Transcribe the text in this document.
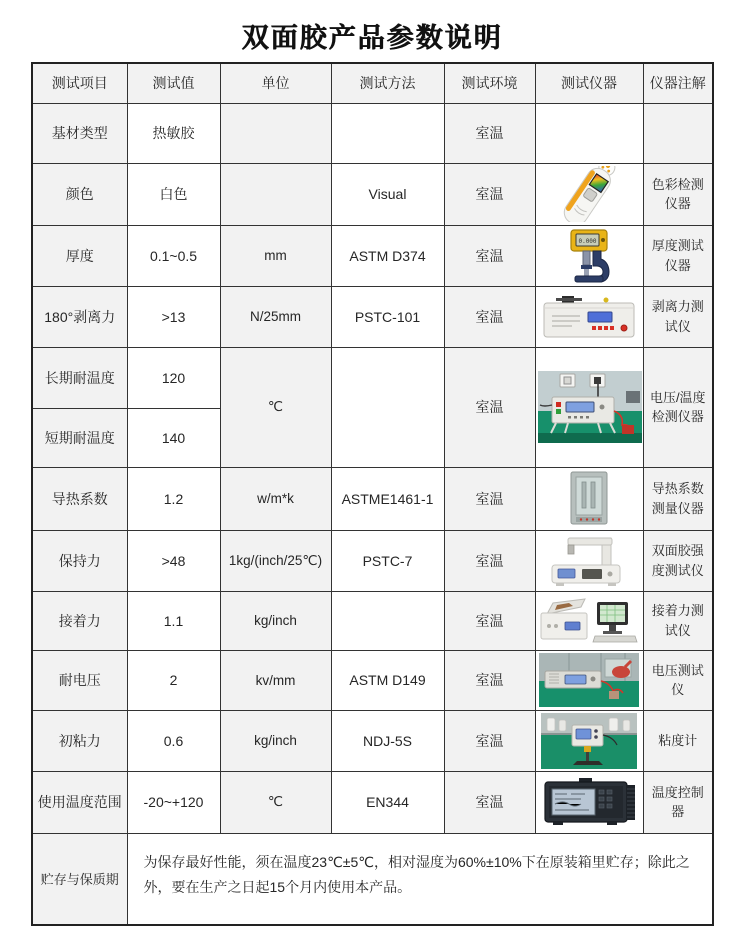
双面胶产品参数说明
测试项目	测试值	单位	测试方法	测试环境	测试仪器	仪器注解
基材类型	热敏胶			室温		
颜色	白色		Visual	室温		色彩检测仪器
厚度	0.1~0.5	mm	ASTM D374	室温	0.000	厚度测试仪器
180°剥离力	>13	N/25mm	PSTC-101	室温		剥离力测试仪
长期耐温度	120	℃		室温		电压/温度检测仪器
短期耐温度	140					
导热系数	1.2	w/m*k	ASTME1461-1	室温		导热系数测量仪器
保持力	>48	1kg/(inch/25℃)	PSTC-7	室温		双面胶强度测试仪
接着力	1.1	kg/inch		室温		接着力测试仪
耐电压	2	kv/mm	ASTM D149	室温		电压测试仪
初粘力	0.6	kg/inch	NDJ-5S	室温		粘度计
使用温度范围	-20~+120	℃	EN344	室温		温度控制器
贮存与保质期	为保存最好性能，须在温度23℃±5℃，相对湿度为60%±10%下在原装箱里贮存；除此之外，要在生产之日起15个月内使用本产品。					
